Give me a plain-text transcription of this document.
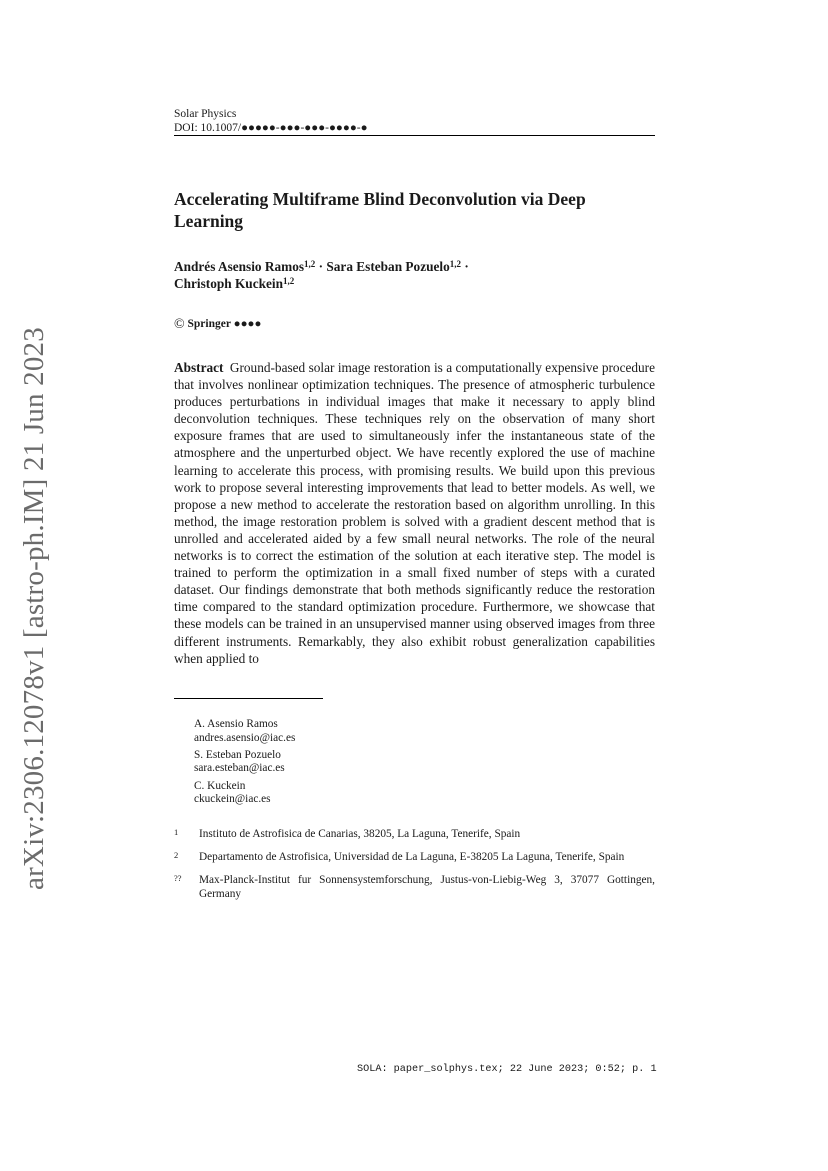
arXiv:2306.12078v1 [astro-ph.IM] 21 Jun 2023
Solar Physics
DOI: 10.1007/●●●●●-●●●-●●●-●●●●-●
Accelerating Multiframe Blind Deconvolution via Deep Learning
Andrés Asensio Ramos$^{1,2}$ · Sara Esteban Pozuelo$^{1,2}$ · Christoph Kuckein$^{1,2}$
© Springer ●●●●
Abstract Ground-based solar image restoration is a computationally expensive procedure that involves nonlinear optimization techniques. The presence of atmospheric turbulence produces perturbations in individual images that make it necessary to apply blind deconvolution techniques. These techniques rely on the observation of many short exposure frames that are used to simultaneously infer the instantaneous state of the atmosphere and the unperturbed object. We have recently explored the use of machine learning to accelerate this process, with promising results. We build upon this previous work to propose several interesting improvements that lead to better models. As well, we propose a new method to accelerate the restoration based on algorithm unrolling. In this method, the image restoration problem is solved with a gradient descent method that is unrolled and accelerated aided by a few small neural networks. The role of the neural networks is to correct the estimation of the solution at each iterative step. The model is trained to perform the optimization in a small fixed number of steps with a curated dataset. Our findings demonstrate that both methods significantly reduce the restoration time compared to the standard optimization procedure. Furthermore, we showcase that these models can be trained in an unsupervised manner using observed images from three different instruments. Remarkably, they also exhibit robust generalization capabilities when applied to
A. Asensio Ramos
andres.asensio@iac.es
S. Esteban Pozuelo
sara.esteban@iac.es
C. Kuckein
ckuckein@iac.es
1	Instituto de Astrofisica de Canarias, 38205, La Laguna, Tenerife, Spain
2	Departamento de Astrofisica, Universidad de La Laguna, E-38205 La Laguna, Tenerife, Spain
??	Max-Planck-Institut fur Sonnensystemforschung, Justus-von-Liebig-Weg 3, 37077 Gottingen, Germany
SOLA: paper_solphys.tex; 22 June 2023; 0:52; p. 1
